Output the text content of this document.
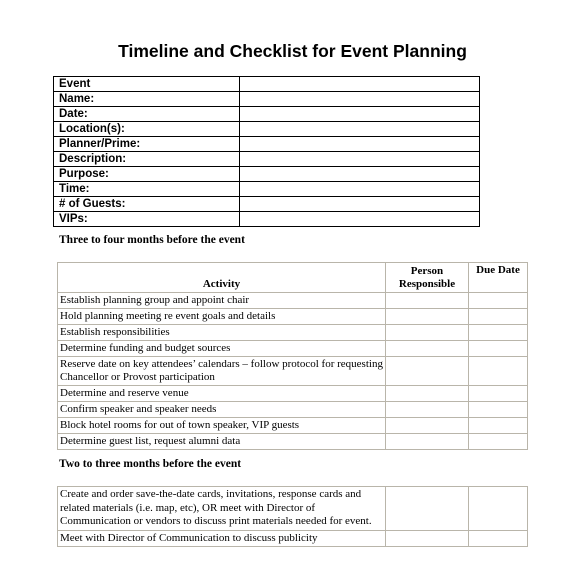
Timeline and Checklist for Event Planning
Event	
Name:	
Date:	
Location(s):	
Planner/Prime:	
Description:	
Purpose:	
Time:	
# of Guests:	
VIPs:	
Three to four months before the event
Activity	Person Responsible	Due Date
Establish planning group and appoint chair		
Hold planning meeting re event goals and details		
Establish responsibilities		
Determine funding and budget sources		
Reserve date on key attendees’ calendars – follow protocol for requesting Chancellor or Provost participation		
Determine and reserve venue		
Confirm speaker and speaker needs		
Block hotel rooms for out of town speaker, VIP guests		
Determine guest list, request alumni data		
Two to three months before the event
Create and order save-the-date cards, invitations, response cards and related materials (i.e. map, etc), OR meet with Director of Communication or vendors to discuss print materials needed for event.		
Meet with Director of Communication to discuss publicity		
